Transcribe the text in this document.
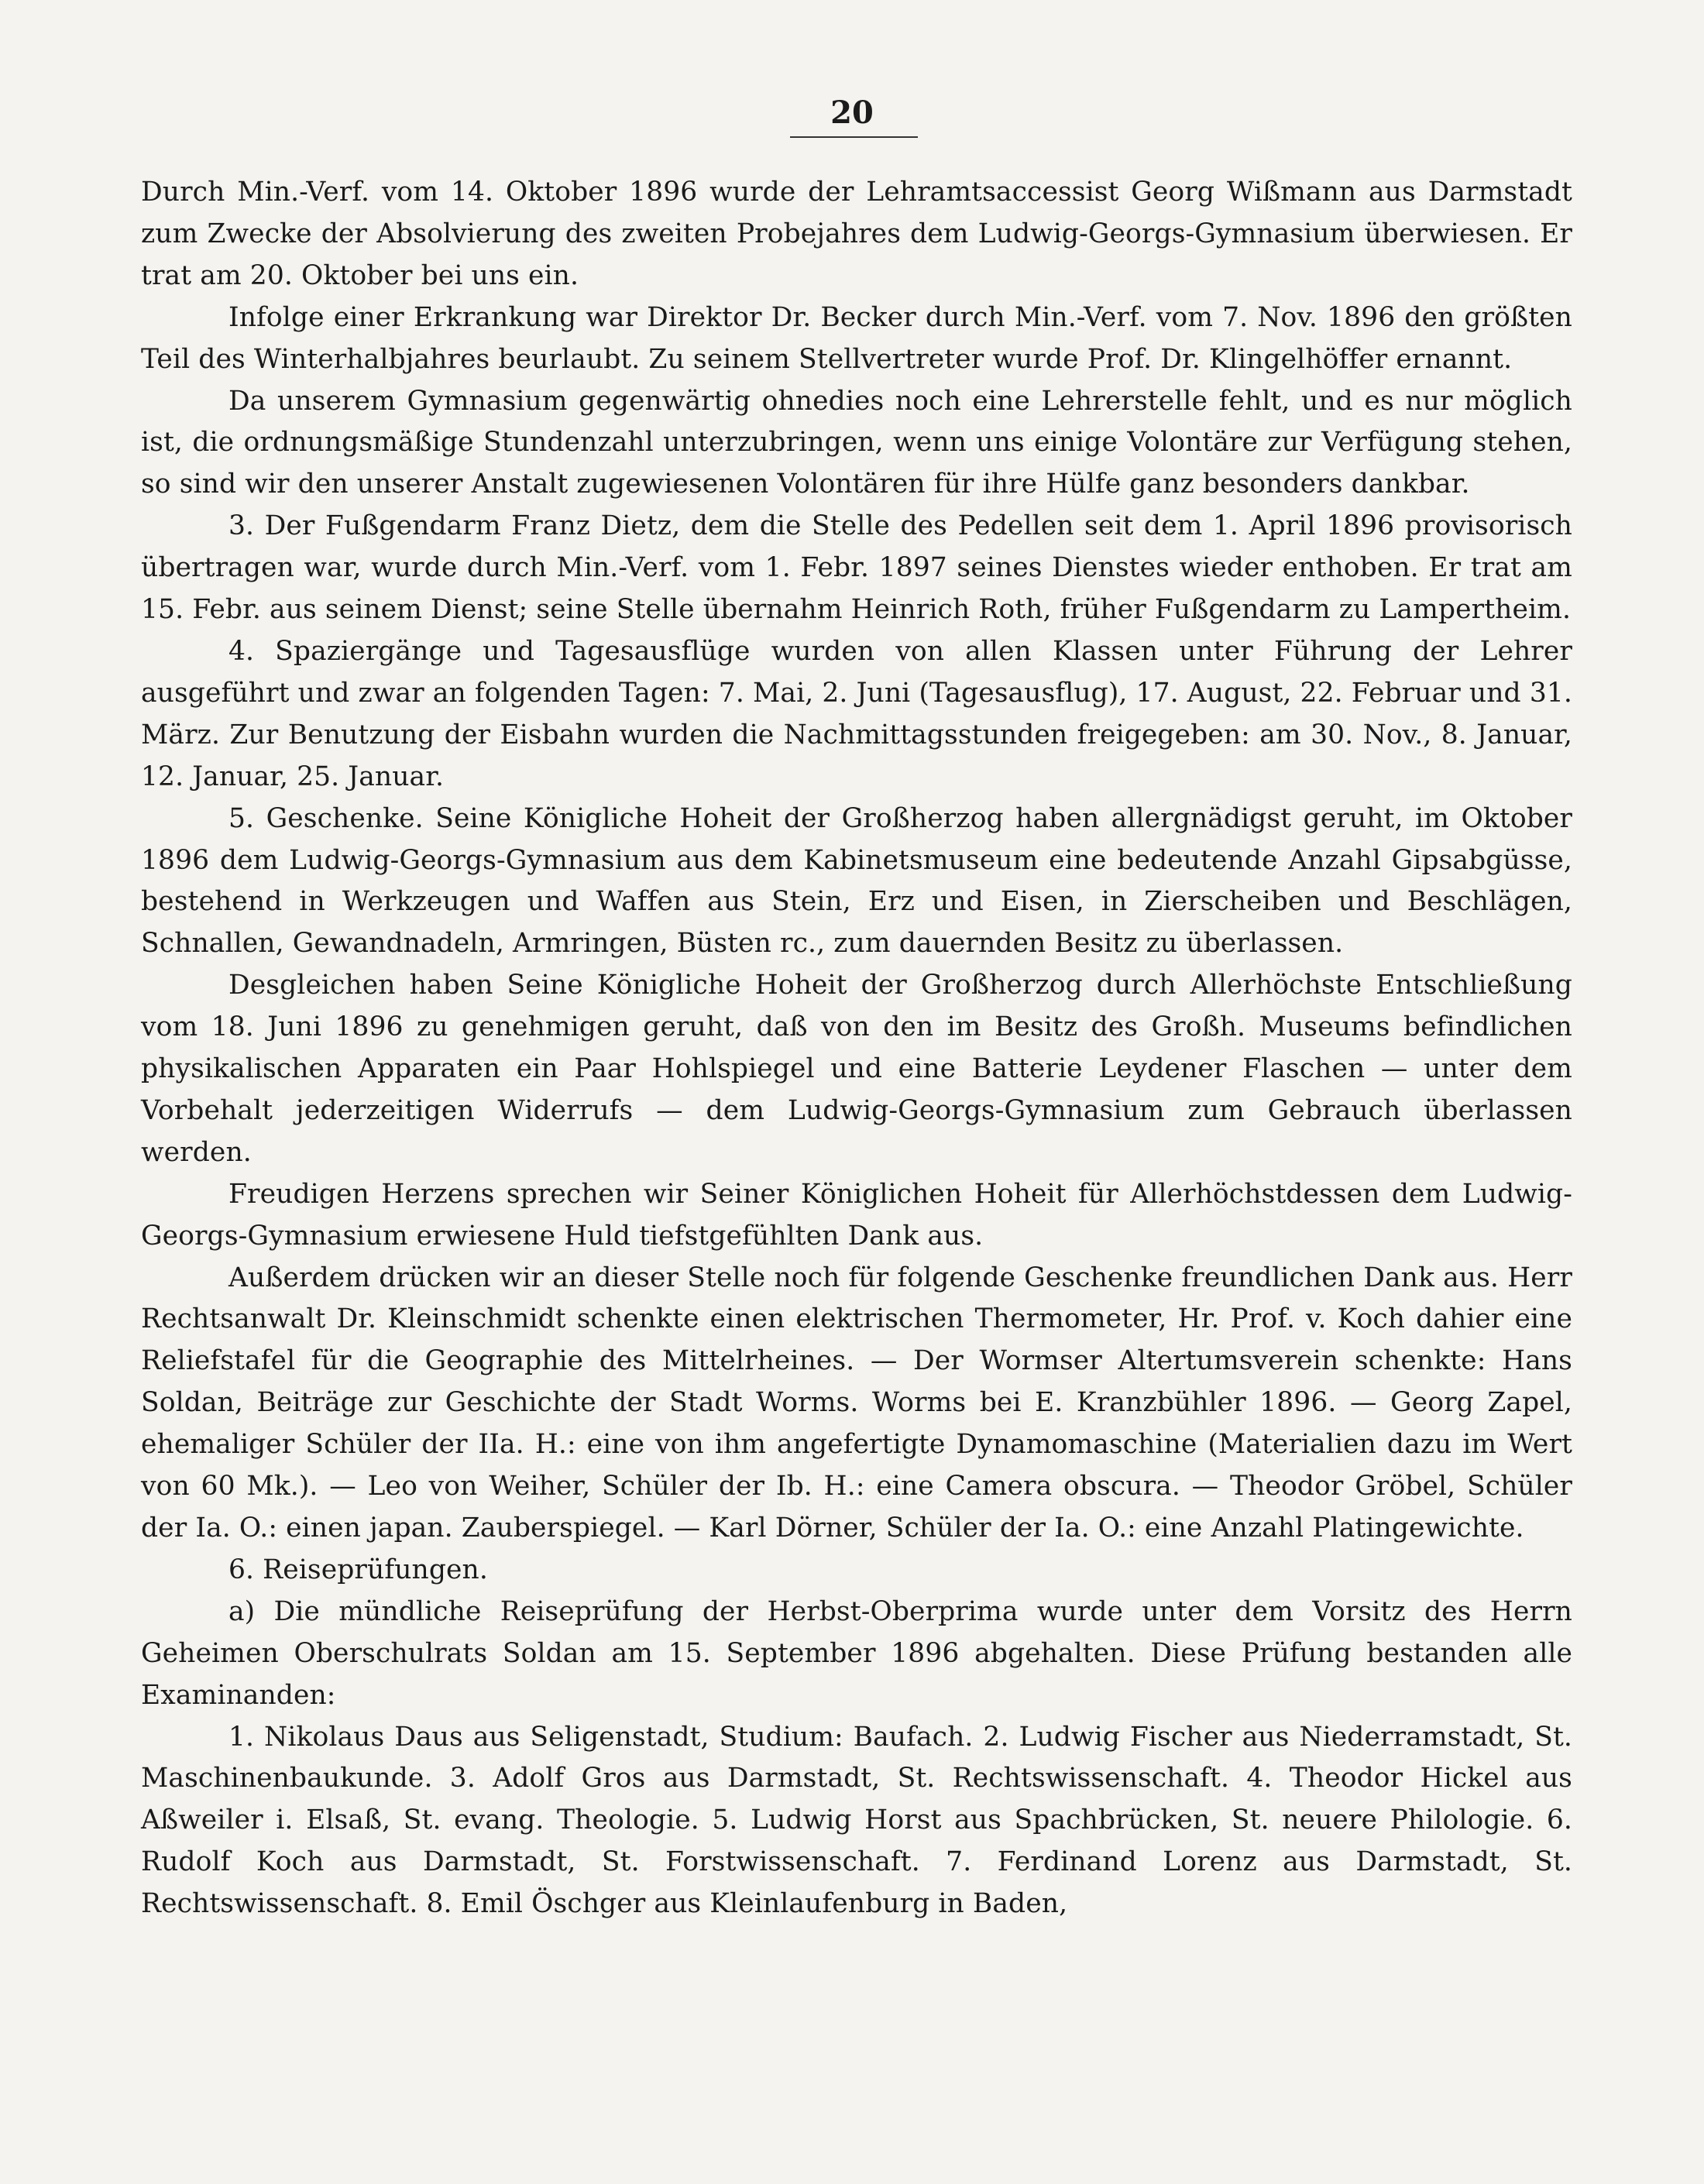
20

Durch Min.-Verf. vom 14. Oktober 1896 wurde der Lehramtsaccessist Georg Wißmann aus Darmstadt zum Zwecke der Absolvierung des zweiten Probejahres dem Ludwig-Georgs-Gymnasium überwiesen. Er trat am 20. Oktober bei uns ein.

Infolge einer Erkrankung war Direktor Dr. Becker durch Min.-Verf. vom 7. Nov. 1896 den größten Teil des Winterhalbjahres beurlaubt. Zu seinem Stellvertreter wurde Prof. Dr. Klingelhöffer ernannt.

Da unserem Gymnasium gegenwärtig ohnedies noch eine Lehrerstelle fehlt, und es nur möglich ist, die ordnungsmäßige Stundenzahl unterzubringen, wenn uns einige Volontäre zur Verfügung stehen, so sind wir den unserer Anstalt zugewiesenen Volontären für ihre Hülfe ganz besonders dankbar.

3. Der Fußgendarm Franz Dietz, dem die Stelle des Pedellen seit dem 1. April 1896 provisorisch übertragen war, wurde durch Min.-Verf. vom 1. Febr. 1897 seines Dienstes wieder enthoben. Er trat am 15. Febr. aus seinem Dienst; seine Stelle übernahm Heinrich Roth, früher Fußgendarm zu Lampertheim.

4. Spaziergänge und Tagesausflüge wurden von allen Klassen unter Führung der Lehrer ausgeführt und zwar an folgenden Tagen: 7. Mai, 2. Juni (Tagesausflug), 17. August, 22. Februar und 31. März. Zur Benutzung der Eisbahn wurden die Nachmittagsstunden freigegeben: am 30. Nov., 8. Januar, 12. Januar, 25. Januar.

5. Geschenke. Seine Königliche Hoheit der Großherzog haben allergnädigst geruht, im Oktober 1896 dem Ludwig-Georgs-Gymnasium aus dem Kabinetsmuseum eine bedeutende Anzahl Gipsabgüsse, bestehend in Werkzeugen und Waffen aus Stein, Erz und Eisen, in Zierscheiben und Beschlägen, Schnallen, Gewandnadeln, Armringen, Büsten rc., zum dauernden Besitz zu überlassen.

Desgleichen haben Seine Königliche Hoheit der Großherzog durch Allerhöchste Entschließung vom 18. Juni 1896 zu genehmigen geruht, daß von den im Besitz des Großh. Museums befindlichen physikalischen Apparaten ein Paar Hohlspiegel und eine Batterie Leydener Flaschen — unter dem Vorbehalt jederzeitigen Widerrufs — dem Ludwig-Georgs-Gymnasium zum Gebrauch überlassen werden.

Freudigen Herzens sprechen wir Seiner Königlichen Hoheit für Allerhöchstdessen dem Ludwig-Georgs-Gymnasium erwiesene Huld tiefstgefühlten Dank aus.

Außerdem drücken wir an dieser Stelle noch für folgende Geschenke freundlichen Dank aus. Herr Rechtsanwalt Dr. Kleinschmidt schenkte einen elektrischen Thermometer, Hr. Prof. v. Koch dahier eine Reliefstafel für die Geographie des Mittelrheines. — Der Wormser Altertumsverein schenkte: Hans Soldan, Beiträge zur Geschichte der Stadt Worms. Worms bei E. Kranzbühler 1896. — Georg Zapel, ehemaliger Schüler der IIa. H.: eine von ihm angefertigte Dynamomaschine (Materialien dazu im Wert von 60 Mk.). — Leo von Weiher, Schüler der Ib. H.: eine Camera obscura. — Theodor Gröbel, Schüler der Ia. O.: einen japan. Zauberspiegel. — Karl Dörner, Schüler der Ia. O.: eine Anzahl Platingewichte.

6. Reiseprüfungen.

a) Die mündliche Reiseprüfung der Herbst-Oberprima wurde unter dem Vorsitz des Herrn Geheimen Oberschulrats Soldan am 15. September 1896 abgehalten. Diese Prüfung bestanden alle Examinanden:

1. Nikolaus Daus aus Seligenstadt, Studium: Baufach. 2. Ludwig Fischer aus Niederramstadt, St. Maschinenbaukunde. 3. Adolf Gros aus Darmstadt, St. Rechtswissenschaft. 4. Theodor Hickel aus Aßweiler i. Elsaß, St. evang. Theologie. 5. Ludwig Horst aus Spachbrücken, St. neuere Philologie. 6. Rudolf Koch aus Darmstadt, St. Forstwissenschaft. 7. Ferdinand Lorenz aus Darmstadt, St. Rechtswissenschaft. 8. Emil Öschger aus Kleinlaufenburg in Baden,
